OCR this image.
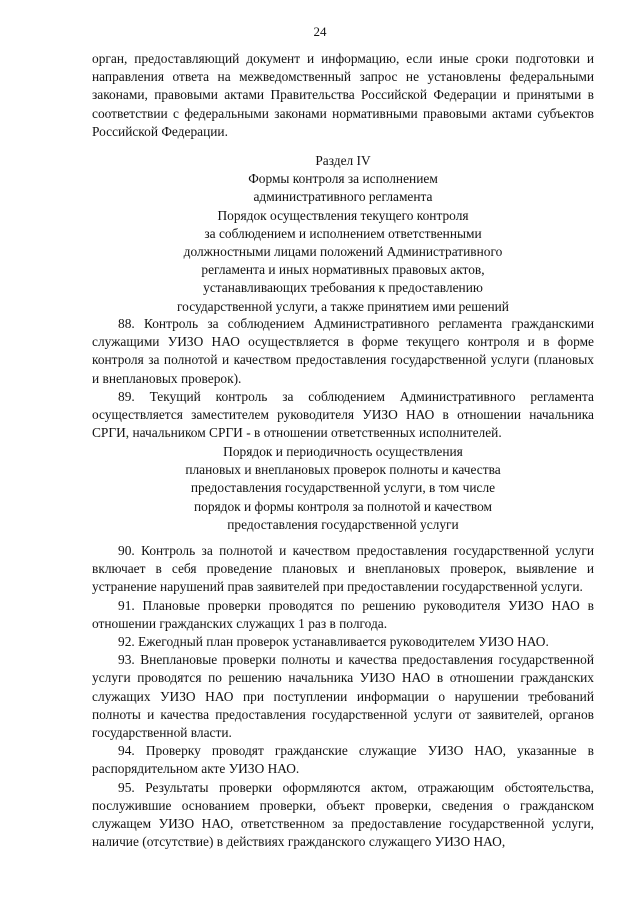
24
орган, предоставляющий документ и информацию, если иные сроки подготовки и направления ответа на межведомственный запрос не установлены федеральными законами, правовыми актами Правительства Российской Федерации и принятыми в соответствии с федеральными законами нормативными правовыми актами субъектов Российской Федерации.
Раздел IV
Формы контроля за исполнением
административного регламента
Порядок осуществления текущего контроля
за соблюдением и исполнением ответственными
должностными лицами положений Административного
регламента и иных нормативных правовых актов,
устанавливающих требования к предоставлению
государственной услуги, а также принятием ими решений

88. Контроль за соблюдением Административного регламента гражданскими служащими УИЗО НАО осуществляется в форме текущего контроля и в форме контроля за полнотой и качеством предоставления государственной услуги (плановых и внеплановых проверок).

89. Текущий контроль за соблюдением Административного регламента осуществляется заместителем руководителя УИЗО НАО в отношении начальника СРГИ, начальником СРГИ - в отношении ответственных исполнителей.

Порядок и периодичность осуществления
плановых и внеплановых проверок полноты и качества
предоставления государственной услуги, в том числе
порядок и формы контроля за полнотой и качеством
предоставления государственной услуги

90. Контроль за полнотой и качеством предоставления государственной услуги включает в себя проведение плановых и внеплановых проверок, выявление и устранение нарушений прав заявителей при предоставлении государственной услуги.

91. Плановые проверки проводятся по решению руководителя УИЗО НАО в отношении гражданских служащих 1 раз в полгода.

92. Ежегодный план проверок устанавливается руководителем УИЗО НАО.

93. Внеплановые проверки полноты и качества предоставления государственной услуги проводятся по решению начальника УИЗО НАО в отношении гражданских служащих УИЗО НАО при поступлении информации о нарушении требований полноты и качества предоставления государственной услуги от заявителей, органов государственной власти.

94. Проверку проводят гражданские служащие УИЗО НАО, указанные в распорядительном акте УИЗО НАО.

95. Результаты проверки оформляются актом, отражающим обстоятельства, послужившие основанием проверки, объект проверки, сведения о гражданском служащем УИЗО НАО, ответственном за предоставление государственной услуги, наличие (отсутствие) в действиях гражданского служащего УИЗО НАО,
